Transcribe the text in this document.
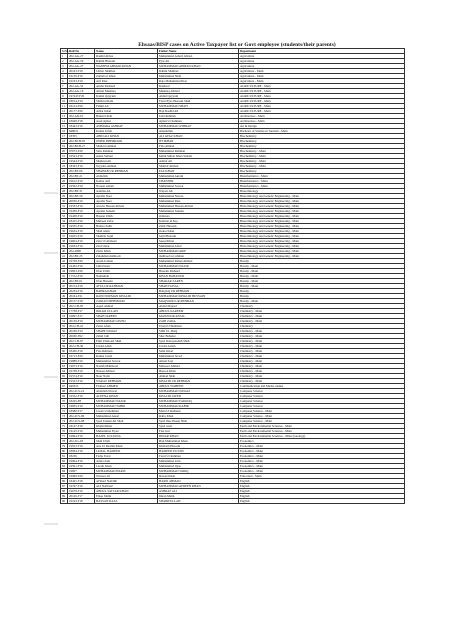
Ehsaas/BISP cases on Active Taxpayer list or Govt employee (students/their parents)
S.No	Roll No	Name	Father Name	Department
1	202-AG-27	Rashid Abbas	Muhammad Asharf Abbasi	Agriculture
2	202-AG-56	Rahim Hussain	Pyar Ali	Agriculture
3	202-AG-27	WASEEM AHMAD KHAN	MUHAMMAD AHMAD KHAN	Agriculture
4	20163-F19	Jabbar Shahbaz	Rahim Shahbaz	Agriculture - Main
5	19139-F19	Zohaib ul Khan	Muhammad Shafi	Agriculture - Main
6	19163-F19	Atif Riaz	Raja Muhammad Riaz	Agriculture - Main
7	202-AG-52	Ansha Rasheed	Rasheed	AGRICULTURE - Main
8	202-AG-16	Ahtsal Mushtaq	Mushtaq Ahmad	AGRICULTURE - Main
9	197447-F20	Kamal Qayyum	Abdul Qayyum	AGRICULTURE - Main
10	18014-F19	Shehzad Rabi	Fazal Ilyas Hussain Shah	AGRICULTURE - Main
11	18124-F20	Fahim Ali	MUHAMMAD SHAFI	AGRICULTURE - Main
12	20177-F20	Azhar Khan	Haji Rashid Ali	AGRICULTURE - Main
13	202-AR-01	Hamid Ullah	Jalal Rehman	Architecture - Main
14	18048-F18	Asad Ajmal	Ajmal Ur Rehman	Architecture - Main
15	18443-F19	AMMARA ASHRAF	MUHAMMAD ASHRAF	Art & Design
16	648021	Kainat Ullah	Amanullah	Bachelor of Studies in Tourism - Main
17	18355	ABID ALI KHAN	ALI AYAZ KHAN	Biochemistry
18	202-BCH-05	OMER MEHMOOD	IFTIKHAR	Biochemistry
19	202-BCH-27	Shahzad Ahmad	Fida Ahmad	Biochemistry
20	97673-F20	Saba Rehman	Muhammad Rehman	Biochemistry - Main
21	19543-F19	Asma Sultani	Malik Sultan Khan Sultani	Biochemistry - Main
22	19544-F19	Shahzad Ali	Ashraf Ali	Biochemistry - Main
23	18343-F19	Tayyaba Ahmad	Shabbir Ahmad	Biochemistry - Main
24	202-BT-09	SHAHAB UR REHMAN	FAZ KHAN	Biochemistry
25	202-BT-21	Abdullah	Muhammad Akram	Bioinformatics - Main
26	19612-F19	Kamar Atif	CHANSER	Bioinformatics - Main
27	19562-F19	Noreen Aslam	Muhammad Sarwar	Bioinformatics - Main
28	202-BT-31	Aamina Ali	Wiqaar Ali	Biotechnology
29	202-BT-59	Ayesha Noor	Muhammad Nawaz	Biotechnology and Genetic Engineering - Main
30	20030-F19	Ayesha Noor	Muhammad Riaz	Biotechnology and Genetic Engineering - Main
31	19533-F19	Areeba Hassan Abbasi	Muhammad Hassan Abbasi	Biotechnology and Genetic Engineering - Main
32	19439-F19	Ayesha Saleem	Muhammad Saleem	Biotechnology and Genetic Engineering - Main
33	19438-F19	Hassan Ullah	Oddessa	Biotechnology and Genetic Engineering - Main
34	18415-F19	Mubeen Zafar	Kamran ul haq	Biotechnology and Genetic Engineering - Main
35	19535-F19	Hamza Zahir	Zahir Hussain	Biotechnology and Genetic Engineering - Main
36	19634-F19	Shah Alam	Ookar Khan	Biotechnology and Genetic Engineering - Main
37	19625-F19	Shahida Sajid	Sajid Hussain	Biotechnology and Genetic Engineering - Main
38	19604-F19	Zain Ul Abideen	Saeed Khan	Biotechnology and Genetic Engineering - Main
39	19634-F19	Zaid Umar	Muhammad Afzal	Biotechnology and Genetic Engineering - Main
40	202-2808	Zaina Khan	MUHAMMAD ARIF	Biotechnology and Genetic Engineering - Main
41	202-BT-25	Zulaikhan mahboob	mahboob ur rehman	Biotechnology and Genetic Engineering - Main
42	19728-F20	Azam Usman	Muhammad Raheb Ahmad	Botany
43	19432-F19	Jahid Nazir	MUHAMMAD NAZIR	Botany - Main
44	19823-F20	Irfan Ullah	Hussain Mahsud	Botany - Main
45	17512-F19	Naimullah	KHAN BAHADUR	Botany - Main
46	202-BT-01	Irfan Hussain	SHAKAR ZAREN	Botany - Main
47	20154-F19	ATTA UR RAHMAN	SHAH FAISAL	Botany - Main
48	20234-F19	BAHRA KHAN	BAQAQ UR REHMAN	Botany
49	20164-F21	RANI NOUMAN KHALID	MUHAMMAD KHALID HUSSAIN	Botany
50	20157-F18	ZARIAN MEHMOOD	MAQSOOD UR REHMAN	Botany - Main
51	202-CH-05	Aqeel Ahmad	Abdul Majeed	Chemistry
52	17738-F17	IKRAM ULLAH	ABDUL KAREEM	Chemistry - Main
53	16097-F17	SHAH JAREEN	MANZOOR AFZAL	Chemistry - Main
54	20139-F19	MUHAMMAD JAVED	ZAIB ZADA	Chemistry - Main
55	202-CH-22	Zaina Aftab	Ubaid Ul Rehman	Chemistry
56	20169-F19	SHAHI NAWAZ	SIDI UL HAQ	Chemistry - Main
57	20030-F62	Zahid Jalil	Sher Bahadar	Chemistry - Main
58	202-CH-07	Emil Ullah Ali Shah	Syed Robayatullah Shah	Chemistry - Main
59	202-CH-36	Javaid Aftab	Javaid Aslam	Chemistry - Main
60	18436-F19	Fiza Rehman	Sabir Khan	Chemistry - Main
61	19713-F20	Kainat Javed	Muhammad Javed	Chemistry - Main
62	19888-F19	Muhammad Sarwar	Ahsan Saqi	Chemistry - Main
63	19673-F19	Nazish Mahmood	Mansoor Ahmad	Chemistry - Main
64	19738-F19	Nuzaat Ahmad	Haroon Khan	Chemistry - Main
65	19574-F19	Nour Naila	Ahmad Shah	Chemistry - Main
66	19523-F19	WARAZ REHMAN	KHALID UR REHMAN	Chemistry - Main
67	640325	FARAZ AHMED	ABDUL WAHEED	Communication and Media studies
68	202-2CS-16	Abdullah Nawaz	MUHAMMAD NAWAZ	Computer Science
69	19522-F19	ALEENA KHAN	KHALID JAVED	Computer Science
70	18245-F8	MUHAMMAD NAZIR	MUHAMMAD FAROOQ	Computer Science
71	19835-F19	MUHAMMAD TAHIR	MUHAMMAD KABIR	Computer Science
72	18580-F17	Jawab Ul Rehman	Mian Ul Rehman	Computer Science - Main
73	202-2CS-06	Muhammad Adeel	Rafiq Khan	Computer Science - Main
74	202-2CS-08	Syed Usman Ali Shah	Syed Ibne Hasan Shah	Computer Science - Main
75	18147-F18	Khalid Khan	Syed raazi	Earth and Environmental Sciences - Main
76	19145-F19	Muhammad Fiyaz	Fiaz Gul	Earth and Environmental Sciences - Main
77	19604-F19	HAZEL SULTANA	DINAR KHAN	Earth and Environmental Sciences - Main (Geology)
78	202-ZG-03	Shah Ullah	Haji Muhammad Khan	Economics
79	19813-F19	Ana Ul Momin Khan	Khabaib Hussain	Economics - Main
80	18064-F19	JAMAL HAMEED	HAMEED UD DIN	Economics - Main
81	18230	Farha Fazal	Fazal Ur Rehman	Economics - Main
82	19904-F19	Amna Zain	Muhammad Zain	Economics - Main
83	19591-F19	Laraib Khan	Muhammad Ilyas	Economics - Main
84	19607	MUHAMMAD HARIS	MUHAMMAD TARIQ	Economics - Main
85	19969-F20	Tanveer ali	Nawaz Khan	Education - Main
86	18425-F18	AFRAZ NADIR	HARIS AHMAD	English
87	19767-F19	ALI NAWAZ	MUHAMMAD AFREEN KHAN	English
88	19678-F19	ABDUL SATTAR KHAN	ASHRAF ALI	English
89	20126-F17	Emaa Malik	Imran Malik	English
90	19193-F18	HASSAN RAZA	SHARIFULLAH	English
